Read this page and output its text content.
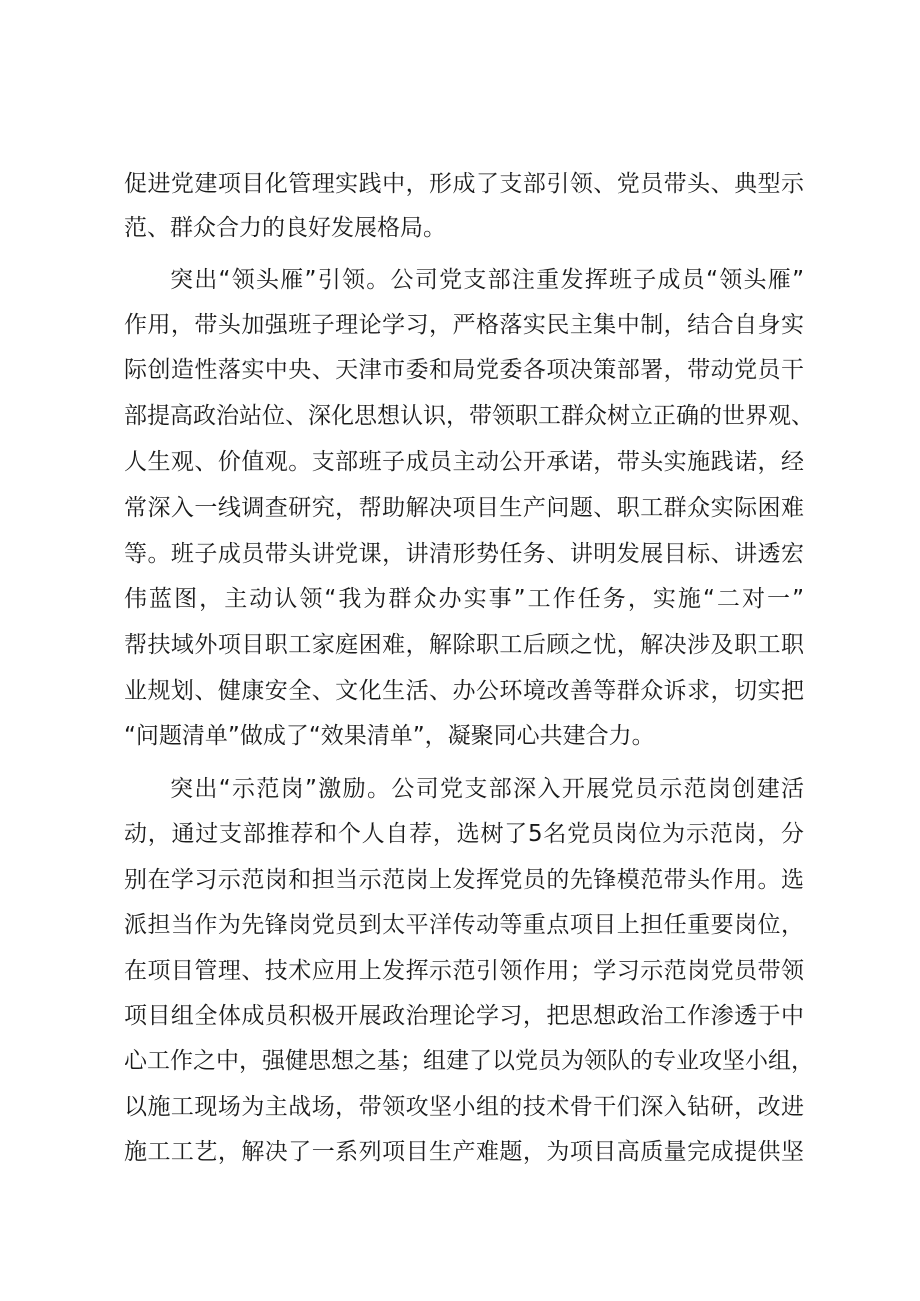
促进党建项目化管理实践中，形成了支部引领、党员带头、典型示
范、群众合力的良好发展格局。
突出“领头雁”引领。公司党支部注重发挥班子成员“领头雁”
作用，带头加强班子理论学习，严格落实民主集中制，结合自身实
际创造性落实中央、天津市委和局党委各项决策部署，带动党员干
部提高政治站位、深化思想认识，带领职工群众树立正确的世界观、
人生观、价值观。支部班子成员主动公开承诺，带头实施践诺，经
常深入一线调查研究，帮助解决项目生产问题、职工群众实际困难
等。班子成员带头讲党课，讲清形势任务、讲明发展目标、讲透宏
伟蓝图，主动认领“我为群众办实事”工作任务，实施“二对一”
帮扶域外项目职工家庭困难，解除职工后顾之忧，解决涉及职工职
业规划、健康安全、文化生活、办公环境改善等群众诉求，切实把
“问题清单”做成了“效果清单”，凝聚同心共建合力。
突出“示范岗”激励。公司党支部深入开展党员示范岗创建活
动，通过支部推荐和个人自荐，选树了5名党员岗位为示范岗，分
别在学习示范岗和担当示范岗上发挥党员的先锋模范带头作用。选
派担当作为先锋岗党员到太平洋传动等重点项目上担任重要岗位，
在项目管理、技术应用上发挥示范引领作用；学习示范岗党员带领
项目组全体成员积极开展政治理论学习，把思想政治工作渗透于中
心工作之中，强健思想之基；组建了以党员为领队的专业攻坚小组，
以施工现场为主战场，带领攻坚小组的技术骨干们深入钻研，改进
施工工艺，解决了一系列项目生产难题，为项目高质量完成提供坚
